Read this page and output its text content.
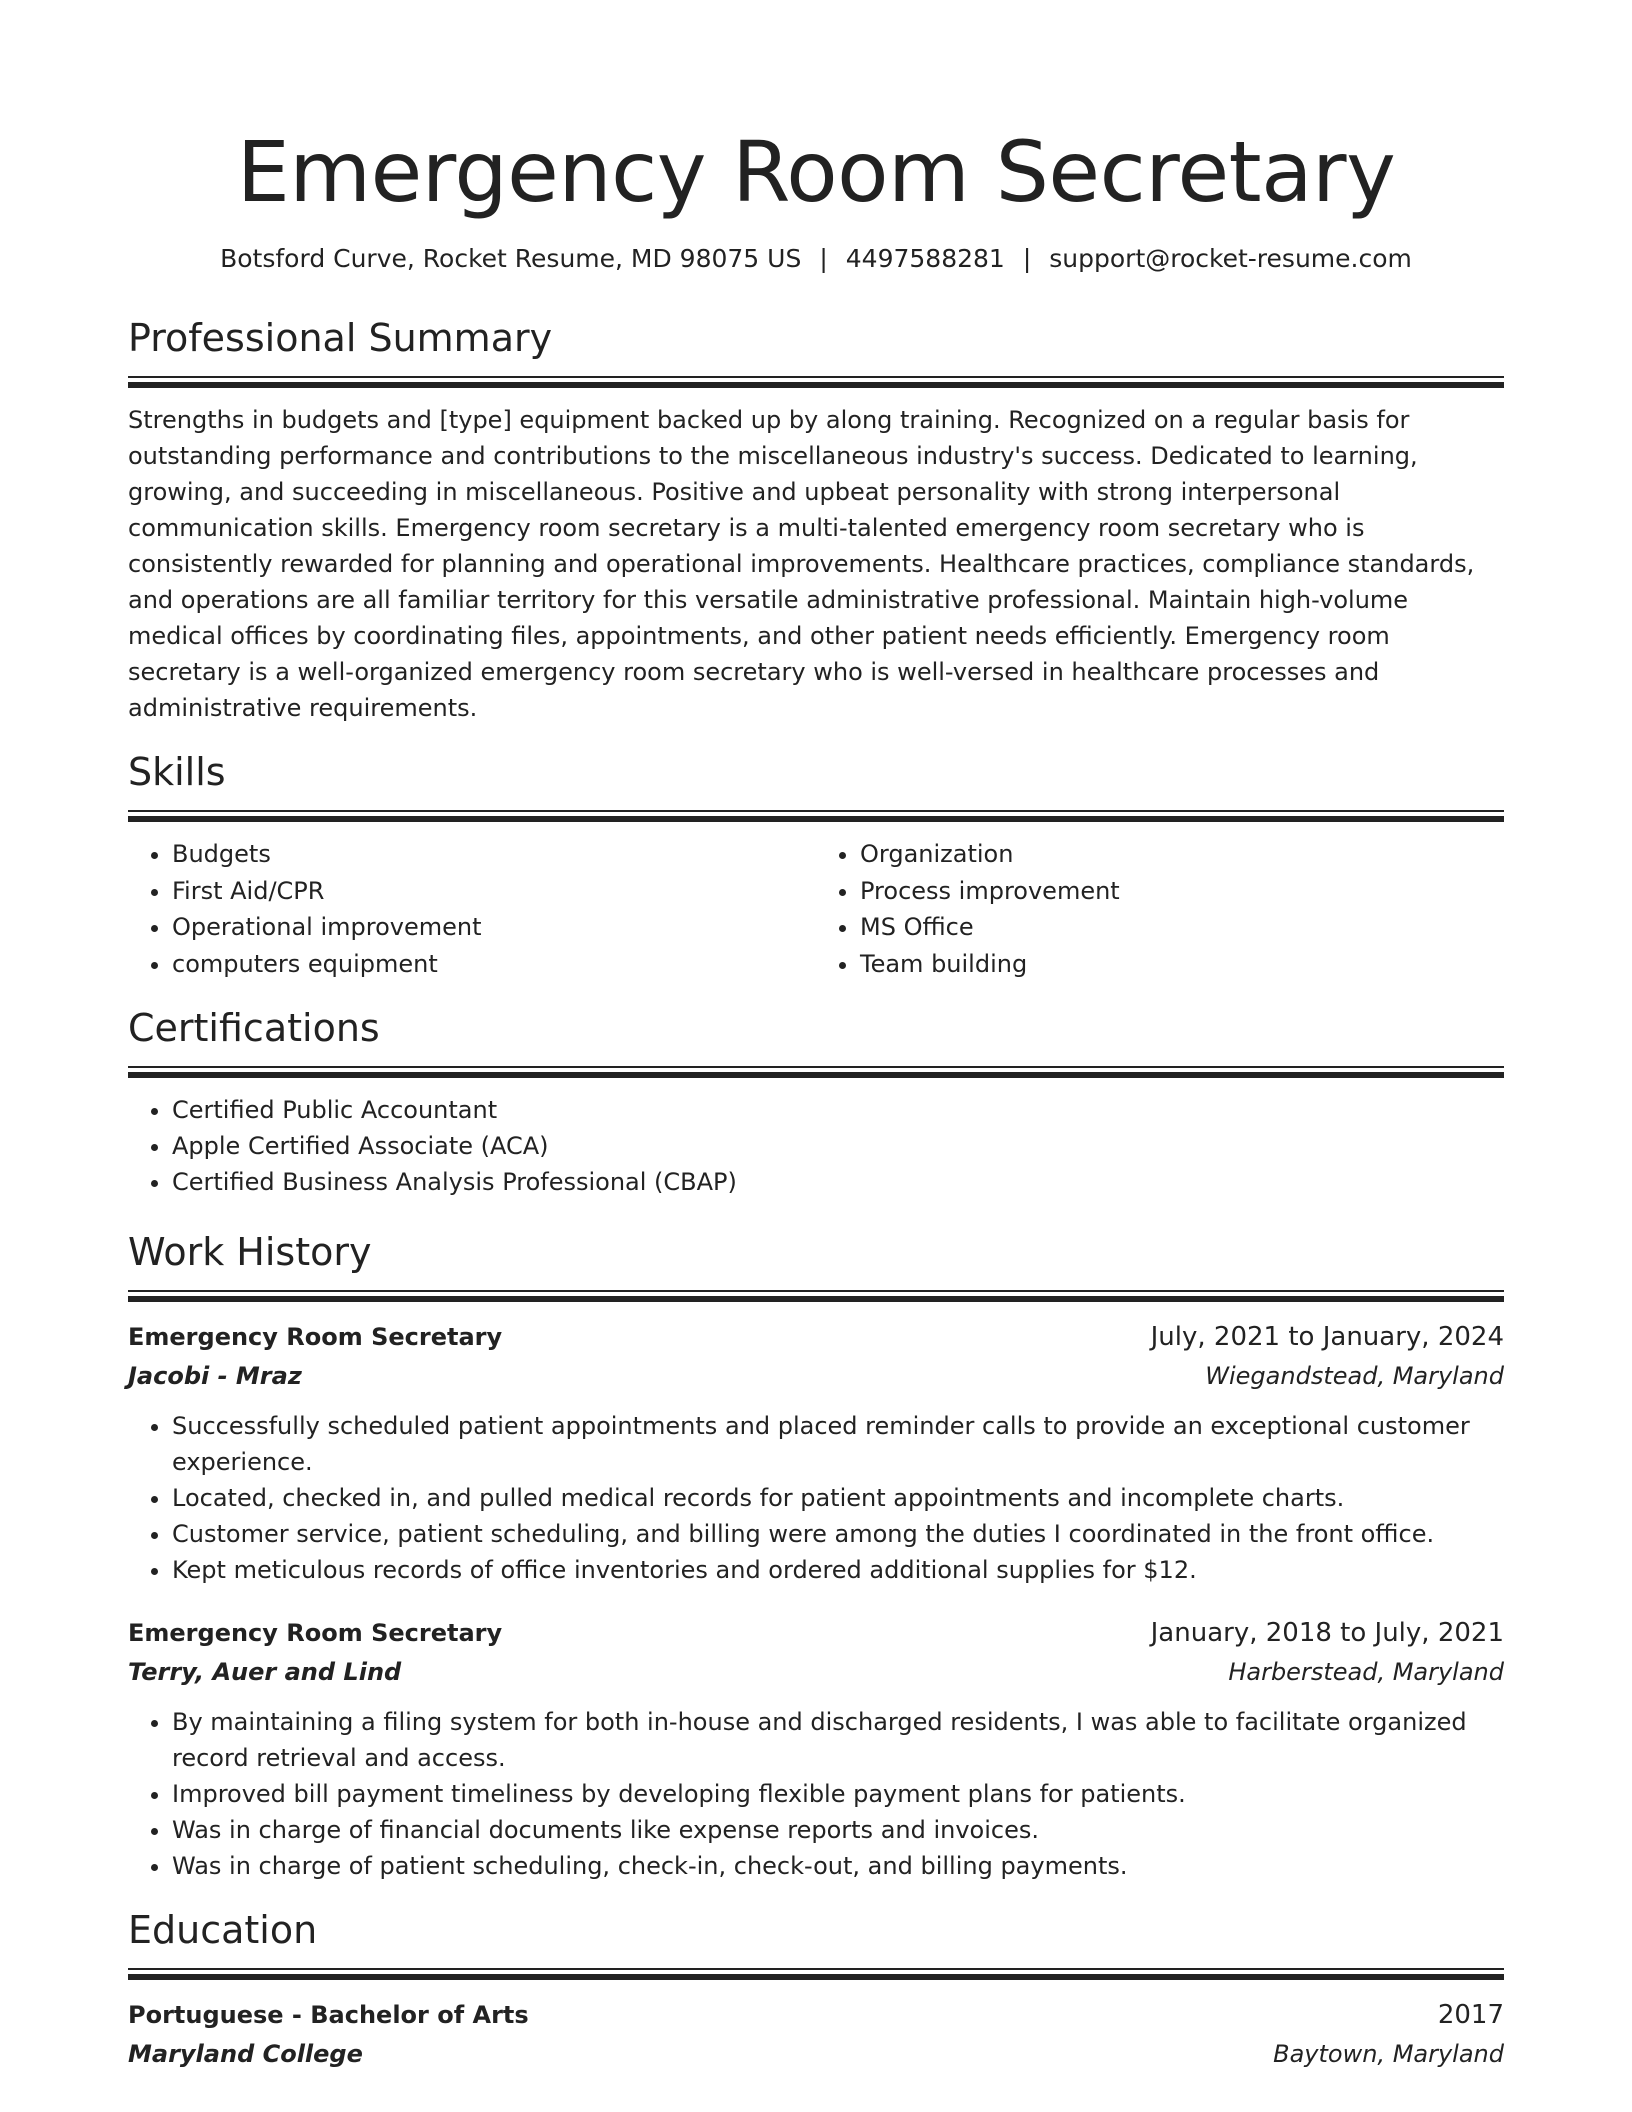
Emergency Room Secretary
Botsford Curve, Rocket Resume, MD 98075 US | 4497588281 | support@rocket-resume.com
Professional Summary
Strengths in budgets and [type] equipment backed up by along training. Recognized on a regular basis for outstanding performance and contributions to the miscellaneous industry's success. Dedicated to learning, growing, and succeeding in miscellaneous. Positive and upbeat personality with strong interpersonal communication skills. Emergency room secretary is a multi-talented emergency room secretary who is consistently rewarded for planning and operational improvements. Healthcare practices, compliance standards, and operations are all familiar territory for this versatile administrative professional. Maintain high-volume medical offices by coordinating files, appointments, and other patient needs efficiently. Emergency room secretary is a well-organized emergency room secretary who is well-versed in healthcare processes and administrative requirements.
Skills
• Budgets
• First Aid/CPR
• Operational improvement
• computers equipment
• Organization
• Process improvement
• MS Office
• Team building
Certifications
• Certified Public Accountant
• Apple Certified Associate (ACA)
• Certified Business Analysis Professional (CBAP)
Work History
Emergency Room Secretary	July, 2021 to January, 2024
Jacobi - Mraz	Wiegandstead, Maryland
• Successfully scheduled patient appointments and placed reminder calls to provide an exceptional customer experience.
• Located, checked in, and pulled medical records for patient appointments and incomplete charts.
• Customer service, patient scheduling, and billing were among the duties I coordinated in the front office.
• Kept meticulous records of office inventories and ordered additional supplies for $12.
Emergency Room Secretary	January, 2018 to July, 2021
Terry, Auer and Lind	Harberstead, Maryland
• By maintaining a filing system for both in-house and discharged residents, I was able to facilitate organized record retrieval and access.
• Improved bill payment timeliness by developing flexible payment plans for patients.
• Was in charge of financial documents like expense reports and invoices.
• Was in charge of patient scheduling, check-in, check-out, and billing payments.
Education
Portuguese - Bachelor of Arts	2017
Maryland College	Baytown, Maryland
